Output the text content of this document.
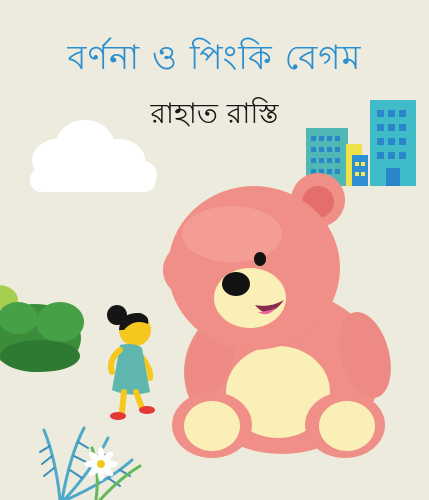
বর্ণনা ও পিংকি বেগম
রাহাত রাস্তি
